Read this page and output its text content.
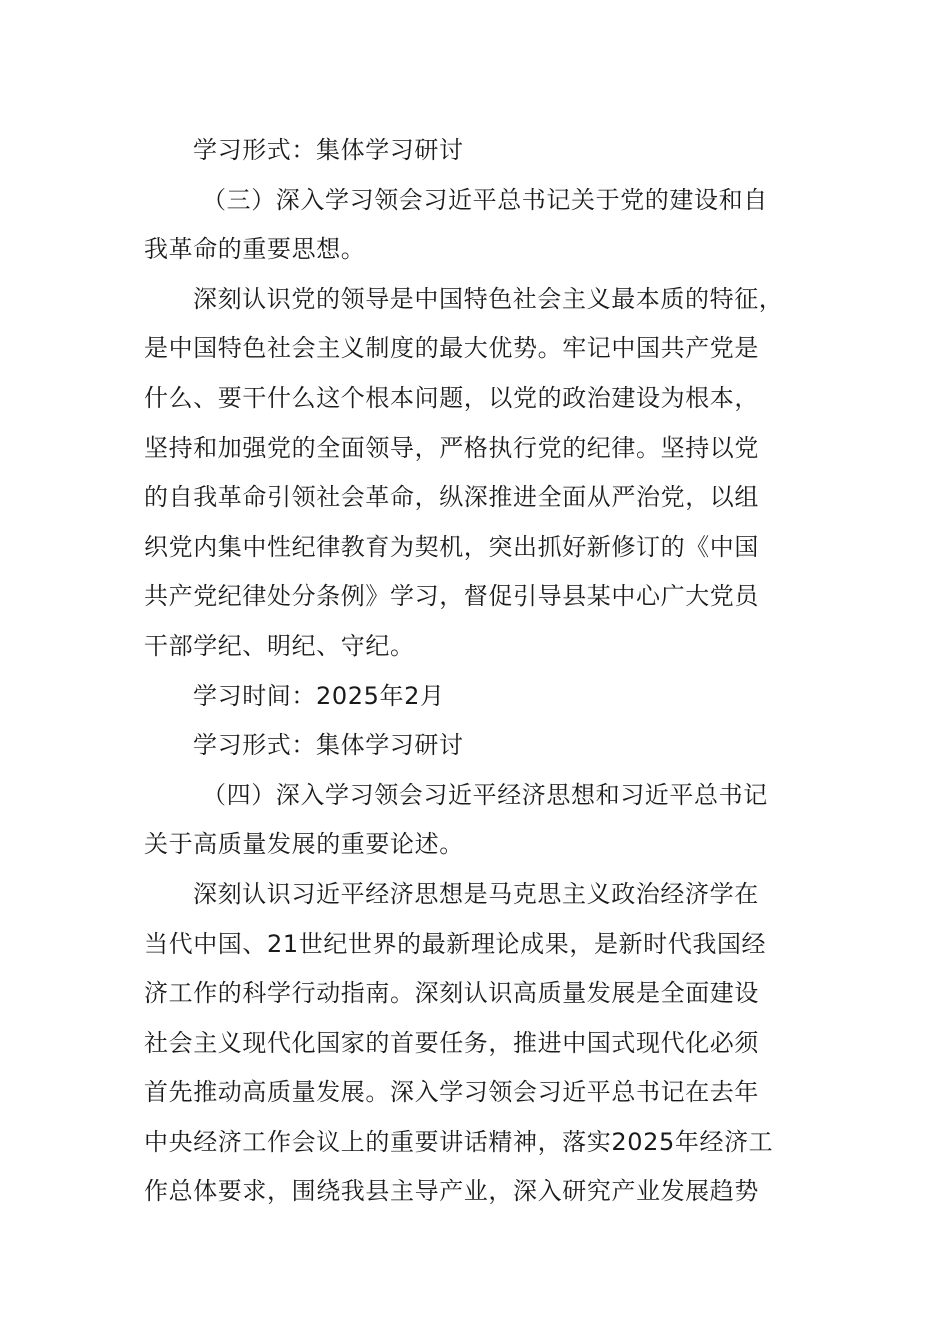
学习形式：集体学习研讨
（三）深入学习领会习近平总书记关于党的建设和自
我革命的重要思想。
深刻认识党的领导是中国特色社会主义最本质的特征，
是中国特色社会主义制度的最大优势。牢记中国共产党是
什么、要干什么这个根本问题，以党的政治建设为根本，
坚持和加强党的全面领导，严格执行党的纪律。坚持以党
的自我革命引领社会革命，纵深推进全面从严治党，以组
织党内集中性纪律教育为契机，突出抓好新修订的《中国
共产党纪律处分条例》学习，督促引导县某中心广大党员
干部学纪、明纪、守纪。
学习时间：2025年2月
学习形式：集体学习研讨
（四）深入学习领会习近平经济思想和习近平总书记
关于高质量发展的重要论述。
深刻认识习近平经济思想是马克思主义政治经济学在
当代中国、21世纪世界的最新理论成果，是新时代我国经
济工作的科学行动指南。深刻认识高质量发展是全面建设
社会主义现代化国家的首要任务，推进中国式现代化必须
首先推动高质量发展。深入学习领会习近平总书记在去年
中央经济工作会议上的重要讲话精神，落实2025年经济工
作总体要求，围绕我县主导产业，深入研究产业发展趋势
